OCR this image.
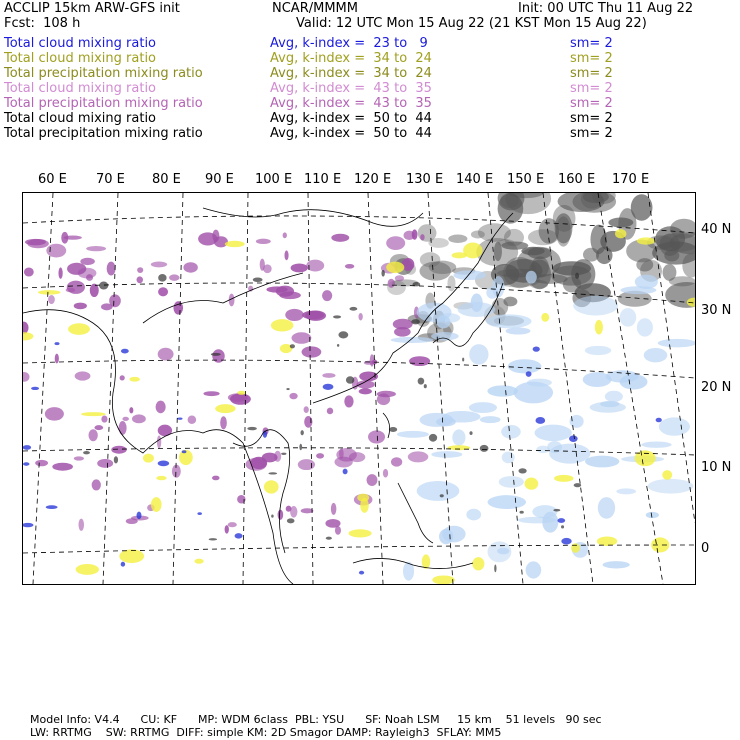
ACCLIP 15km ARW-GFS init	NCAR/MMMM	Init: 00 UTC Thu 11 Aug 22
Fcst:  108 h	Valid: 12 UTC Mon 15 Aug 22 (21 KST Mon 15 Aug 22)
Total cloud mixing ratio	Avg, k-index =  23 to   9	sm= 2
Total cloud mixing ratio	Avg, k-index =  34 to  24	sm= 2
Total precipitation mixing ratio	Avg, k-index =  34 to  24	sm= 2
Total cloud mixing ratio	Avg, k-index =  43 to  35	sm= 2
Total precipitation mixing ratio	Avg, k-index =  43 to  35	sm= 2
Total cloud mixing ratio	Avg, k-index =  50 to  44	sm= 2
Total precipitation mixing ratio	Avg, k-index =  50 to  44	sm= 2
60 E 70 E 80 E 90 E 100 E 110 E 120 E 130 E 140 E 150 E 160 E 170 E
40 N
30 N
20 N
10 N
0
Model Info: V4.4      CU: KF      MP: WDM 6class  PBL: YSU      SF: Noah LSM     15 km    51 levels   90 sec
LW: RRTMG    SW: RRTMG  DIFF: simple KM: 2D Smagor DAMP: Rayleigh3  SFLAY: MM5
